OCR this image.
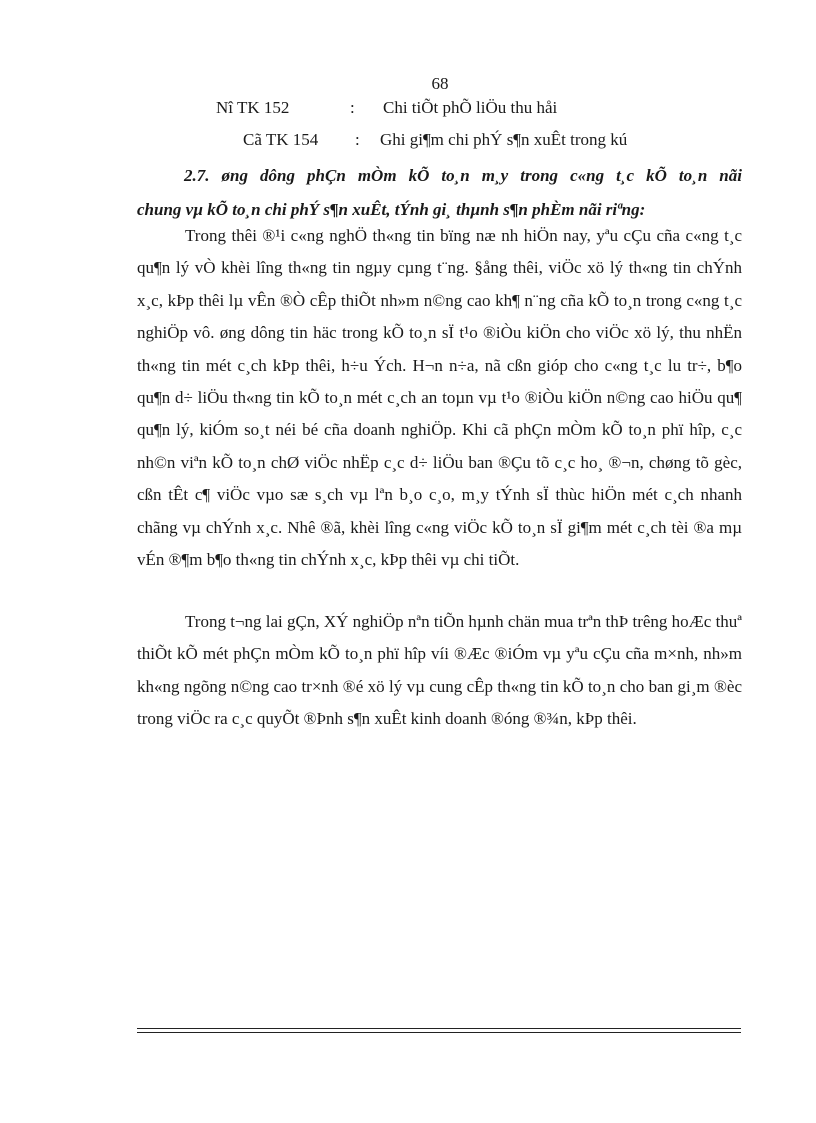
68
Nî TK 152	: Chi tiÕt phÕ liÖu thu håi
Cã TK 154 : Ghi gi¶m chi phÝ s¶n xuÊt trong kú

2.7. øng dông phÇn mÒm kÕ to¸n m¸y trong c«ng t¸c kÕ to¸n nãi

chung vµ kÕ to¸n chi phÝ s¶n xuÊt, tÝnh gi¸ thµnh s¶n phÈm nãi riªng:

Trong thêi ®¹i c«ng nghÖ th«ng tin bïng næ nh hiÖn nay, yªu cÇu cña c«ng t¸c qu¶n lý vÒ khèi lîng th«ng tin ngµy cµng t¨ng. §ång thêi, viÖc xö lý th«ng tin chÝnh x¸c, kÞp thêi lµ vÊn ®Ò cÊp thiÕt nh»m n©ng cao kh¶ n¨ng cña kÕ to¸n trong c«ng t¸c nghiÖp vô. øng dông tin häc trong kÕ to¸n sÏ t¹o ®iÒu kiÖn cho viÖc xö lý, thu nhËn th«ng tin mét c¸ch kÞp thêi, h÷u Ých. H¬n n÷a, nã cßn gióp cho c«ng t¸c lu tr÷, b¶o qu¶n d÷ liÖu th«ng tin kÕ to¸n mét c¸ch an toµn vµ t¹o ®iÒu kiÖn n©ng cao hiÖu qu¶ qu¶n lý, kiÓm so¸t néi bé cña doanh nghiÖp. Khi cã phÇn mÒm kÕ to¸n phï hîp, c¸c nh©n viªn kÕ to¸n chØ viÖc nhËp c¸c d÷ liÖu ban ®Çu tõ c¸c ho¸ ®¬n, chøng tõ gèc, cßn tÊt c¶ viÖc vµo sæ s¸ch vµ lªn b¸o c¸o, m¸y tÝnh sÏ thùc hiÖn mét c¸ch nhanh chãng vµ chÝnh x¸c. Nhê ®ã, khèi lîng c«ng viÖc kÕ to¸n sÏ gi¶m mét c¸ch tèi ®a mµ vÉn ®¶m b¶o th«ng tin chÝnh x¸c, kÞp thêi vµ chi tiÕt.

Trong t¬ng lai gÇn, XÝ nghiÖp nªn tiÕn hµnh chän mua trªn thÞ trêng hoÆc thuª thiÕt kÕ mét phÇn mÒm kÕ to¸n phï hîp víi ®Æc ®iÓm vµ yªu cÇu cña m×nh, nh»m kh«ng ngõng n©ng cao tr×nh ®é xö lý vµ cung cÊp th«ng tin kÕ to¸n cho ban gi¸m ®èc trong viÖc ra c¸c quyÕt ®Þnh s¶n xuÊt kinh doanh ®óng ®¾n, kÞp thêi.
